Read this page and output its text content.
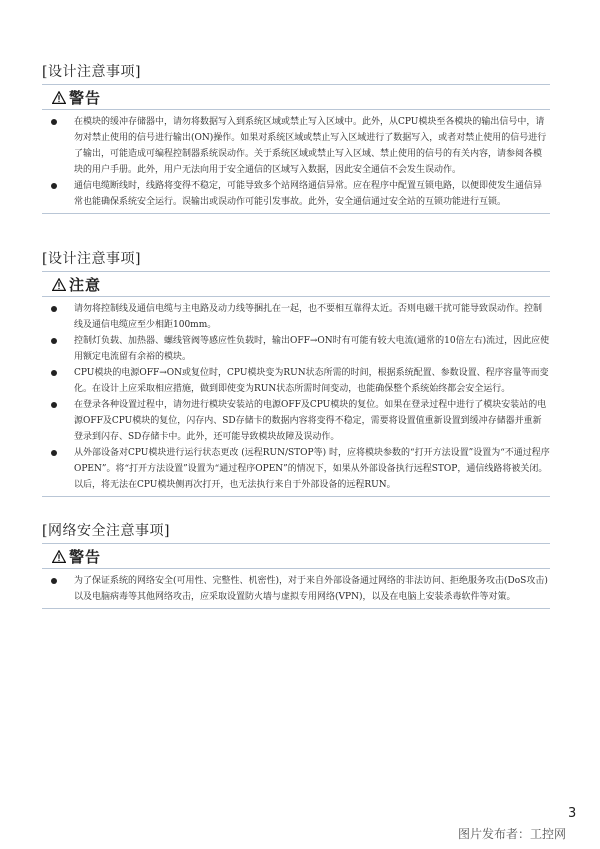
[设计注意事项]
警告
在模块的缓冲存储器中，请勿将数据写入到系统区域或禁止写入区域中。此外，从CPU模块至各模块的输出信号中，请勿对禁止使用的信号进行输出(ON)操作。如果对系统区域或禁止写入区域进行了数据写入，或者对禁止使用的信号进行了输出，可能造成可编程控制器系统误动作。关于系统区域或禁止写入区域、禁止使用的信号的有关内容，请参阅各模块的用户手册。此外，用户无法向用于安全通信的区域写入数据，因此安全通信不会发生误动作。
通信电缆断线时，线路将变得不稳定，可能导致多个站网络通信异常。应在程序中配置互锁电路，以便即使发生通信异常也能确保系统安全运行。误输出或误动作可能引发事故。此外，安全通信通过安全站的互锁功能进行互锁。
[设计注意事项]
注意
请勿将控制线及通信电缆与主电路及动力线等捆扎在一起，也不要相互靠得太近。否则电磁干扰可能导致误动作。控制线及通信电缆应至少相距100mm。
控制灯负载、加热器、螺线管阀等感应性负载时，输出OFF→ON时有可能有较大电流(通常的10倍左右)流过，因此应使用额定电流留有余裕的模块。
CPU模块的电源OFF→ON或复位时，CPU模块变为RUN状态所需的时间，根据系统配置、参数设置、程序容量等而变化。在设计上应采取相应措施，做到即使变为RUN状态所需时间变动，也能确保整个系统始终都会安全运行。
在登录各种设置过程中，请勿进行模块安装站的电源OFF及CPU模块的复位。如果在登录过程中进行了模块安装站的电源OFF及CPU模块的复位，闪存内、SD存储卡的数据内容将变得不稳定，需要将设置值重新设置到缓冲存储器并重新登录到闪存、SD存储卡中。此外，还可能导致模块故障及误动作。
从外部设备对CPU模块进行运行状态更改 (远程RUN/STOP等) 时，应将模块参数的“打开方法设置”设置为“不通过程序OPEN”。将“打开方法设置”设置为“通过程序OPEN”的情况下，如果从外部设备执行远程STOP，通信线路将被关闭。以后，将无法在CPU模块侧再次打开，也无法执行来自于外部设备的远程RUN。
[网络安全注意事项]
警告
为了保证系统的网络安全(可用性、完整性、机密性)，对于来自外部设备通过网络的非法访问、拒绝服务攻击(DoS攻击)以及电脑病毒等其他网络攻击，应采取设置防火墙与虚拟专用网络(VPN)，以及在电脑上安装杀毒软件等对策。
3
图片发布者：工控网
